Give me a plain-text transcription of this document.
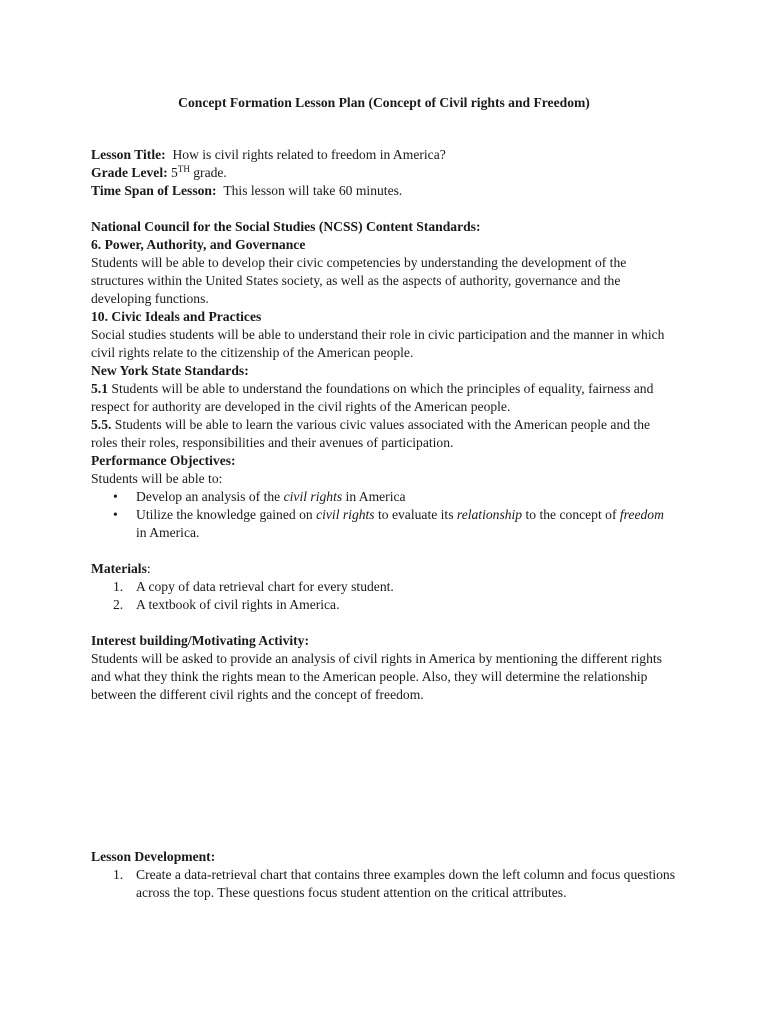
Concept Formation Lesson Plan (Concept of Civil rights and Freedom)

Lesson Title: How is civil rights related to freedom in America?

Grade Level: 5TH grade.

Time Span of Lesson: This lesson will take 60 minutes.

National Council for the Social Studies (NCSS) Content Standards:

6. Power, Authority, and Governance

Students will be able to develop their civic competencies by understanding the development of the structures within the United States society, as well as the aspects of authority, governance and the developing functions.

10. Civic Ideals and Practices

Social studies students will be able to understand their role in civic participation and the manner in which civil rights relate to the citizenship of the American people.

New York State Standards:

5.1 Students will be able to understand the foundations on which the principles of equality, fairness and respect for authority are developed in the civil rights of the American people.

5.5. Students will be able to learn the various civic values associated with the American people and the roles their roles, responsibilities and their avenues of participation.

Performance Objectives:

Students will be able to:

• Develop an analysis of the civil rights in America
• Utilize the knowledge gained on civil rights to evaluate its relationship to the concept of freedom in America.

Materials:

1. A copy of data retrieval chart for every student.
2. A textbook of civil rights in America.

Interest building/Motivating Activity:

Students will be asked to provide an analysis of civil rights in America by mentioning the different rights and what they think the rights mean to the American people. Also, they will determine the relationship between the different civil rights and the concept of freedom.

Lesson Development:

1. Create a data-retrieval chart that contains three examples down the left column and focus questions across the top. These questions focus student attention on the critical attributes.
